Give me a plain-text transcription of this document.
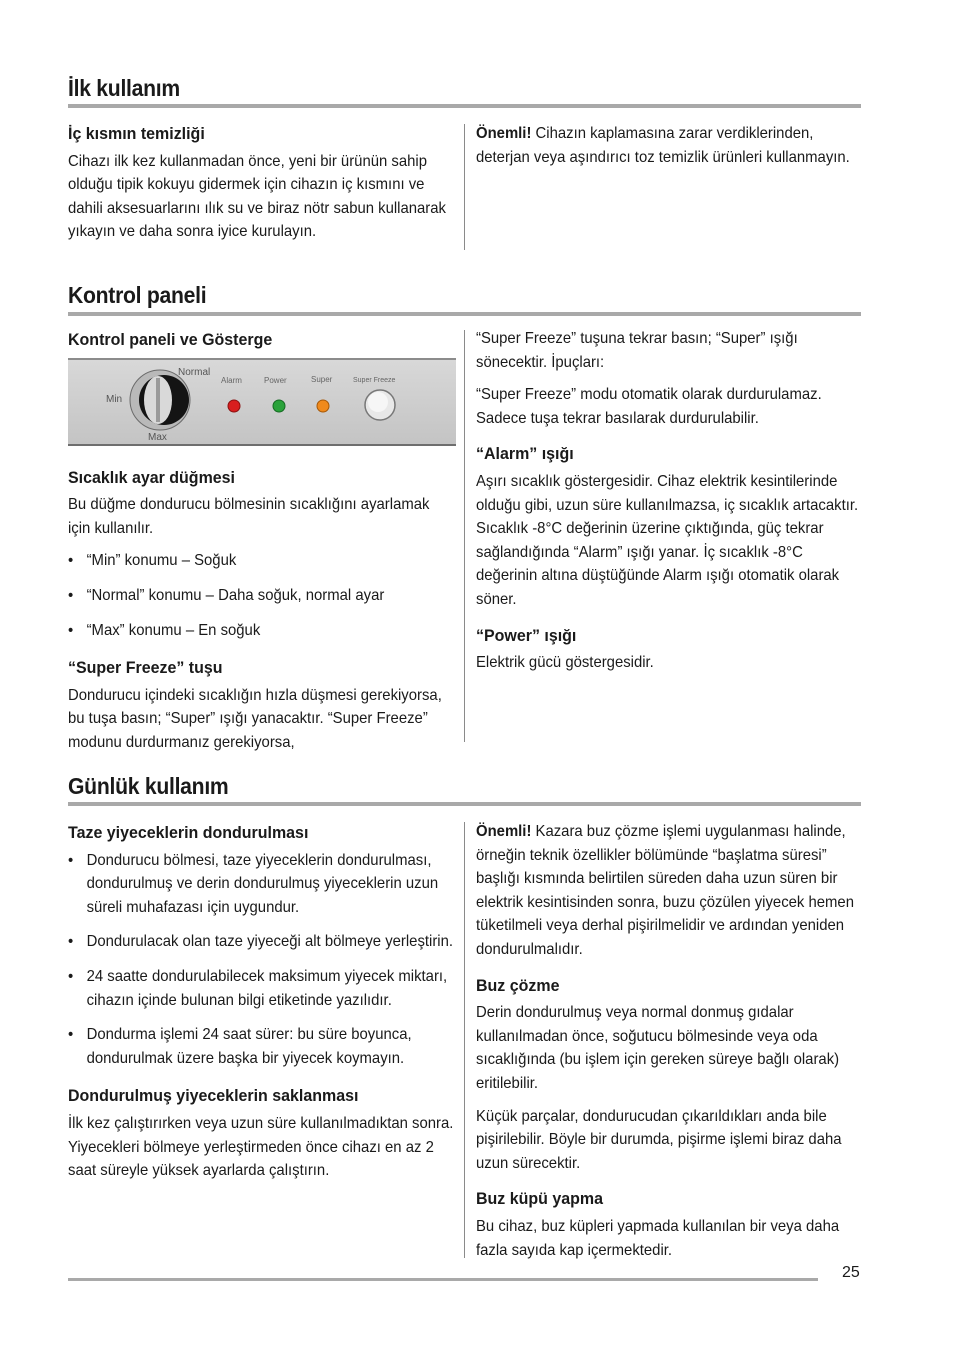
İlk kullanım
İç kısmın temizliği
Cihazı ilk kez kullanmadan önce, yeni bir ürünün sahip olduğu tipik kokuyu gidermek için cihazın iç kısmını ve dahili aksesuarlarını ılık su ve biraz nötr sabun kullanarak yıkayın ve daha sonra iyice kurulayın.
Önemli! Cihazın kaplamasına zarar verdiklerinden, deterjan veya aşındırıcı toz temizlik ürünleri kullanmayın.
Kontrol paneli
Kontrol paneli ve Gösterge
Min
Normal
Max
Alarm	Power	Super	Super Freeze
Sıcaklık ayar düğmesi
Bu düğme dondurucu bölmesinin sıcaklığını ayarlamak için kullanılır.
• “Min” konumu – Soğuk
• “Normal” konumu – Daha soğuk, normal ayar
• “Max” konumu – En soğuk
“Super Freeze” tuşu
Dondurucu içindeki sıcaklığın hızla düşmesi gerekiyorsa, bu tuşa basın; “Super” ışığı yanacaktır. “Super Freeze” modunu durdurmanız gerekiyorsa,
“Super Freeze” tuşuna tekrar basın; “Super” ışığı sönecektir. İpuçları:
“Super Freeze” modu otomatik olarak durdurulamaz. Sadece tuşa tekrar basılarak durdurulabilir.
“Alarm” ışığı
Aşırı sıcaklık göstergesidir. Cihaz elektrik kesintilerinde olduğu gibi, uzun süre kullanılmazsa, iç sıcaklık artacaktır. Sıcaklık -8°C değerinin üzerine çıktığında, güç tekrar sağlandığında “Alarm” ışığı yanar. İç sıcaklık -8°C değerinin altına düştüğünde Alarm ışığı otomatik olarak söner.
“Power” ışığı
Elektrik gücü göstergesidir.
Günlük kullanım
Taze yiyeceklerin dondurulması
• Dondurucu bölmesi, taze yiyeceklerin dondurulması, dondurulmuş ve derin dondurulmuş yiyeceklerin uzun süreli muhafazası için uygundur.
• Dondurulacak olan taze yiyeceği alt bölmeye yerleştirin.
• 24 saatte dondurulabilecek maksimum yiyecek miktarı, cihazın içinde bulunan bilgi etiketinde yazılıdır.
• Dondurma işlemi 24 saat sürer: bu süre boyunca, dondurulmak üzere başka bir yiyecek koymayın.
Dondurulmuş yiyeceklerin saklanması
İlk kez çalıştırırken veya uzun süre kullanılmadıktan sonra. Yiyecekleri bölmeye yerleştirmeden önce cihazı en az 2 saat süreyle yüksek ayarlarda çalıştırın.
Önemli! Kazara buz çözme işlemi uygulanması halinde, örneğin teknik özellikler bölümünde “başlatma süresi” başlığı kısmında belirtilen süreden daha uzun süren bir elektrik kesintisinden sonra, buzu çözülen yiyecek hemen tüketilmeli veya derhal pişirilmelidir ve ardından yeniden dondurulmalıdır.
Buz çözme
Derin dondurulmuş veya normal donmuş gıdalar kullanılmadan önce, soğutucu bölmesinde veya oda sıcaklığında (bu işlem için gereken süreye bağlı olarak) eritilebilir.
Küçük parçalar, dondurucudan çıkarıldıkları anda bile pişirilebilir. Böyle bir durumda, pişirme işlemi biraz daha uzun sürecektir.
Buz küpü yapma
Bu cihaz, buz küpleri yapmada kullanılan bir veya daha fazla sayıda kap içermektedir.
25
